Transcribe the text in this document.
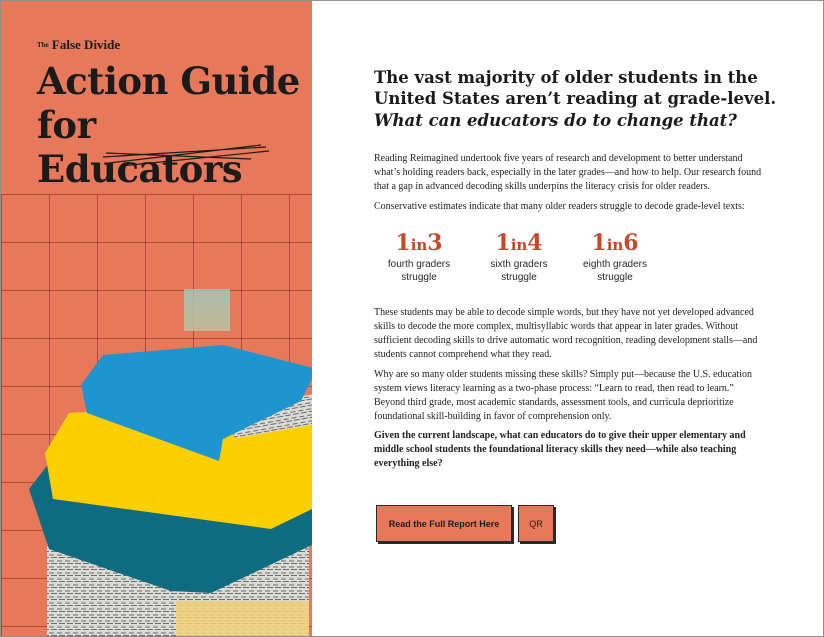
The False Divide

Action Guide
for Educators
The vast majority of older students in the United States aren’t reading at grade-level.
What can educators do to change that?

Reading Reimagined undertook five years of research and development to better understand what’s holding readers back, especially in the later grades—and how to help. Our research found that a gap in advanced decoding skills underpins the literacy crisis for older readers.

Conservative estimates indicate that many older readers struggle to decode grade-level texts:

1in3

fourth graders
struggle

1in4

sixth graders
struggle

1in6

eighth graders
struggle

These students may be able to decode simple words, but they have not yet developed advanced skills to decode the more complex, multisyllabic words that appear in later grades. Without sufficient decoding skills to drive automatic word recognition, reading development stalls—and students cannot comprehend what they read.

Why are so many older students missing these skills? Simply put—because the U.S. education system views literacy learning as a two-phase process: “Learn to read, then read to learn.” Beyond third grade, most academic standards, assessment tools, and curricula deprioritize foundational skill-building in favor of comprehension only.

Given the current landscape, what can educators do to give their upper elementary and middle school students the foundational literacy skills they need—while also teaching everything else?

Read the Full Report Here	QR
